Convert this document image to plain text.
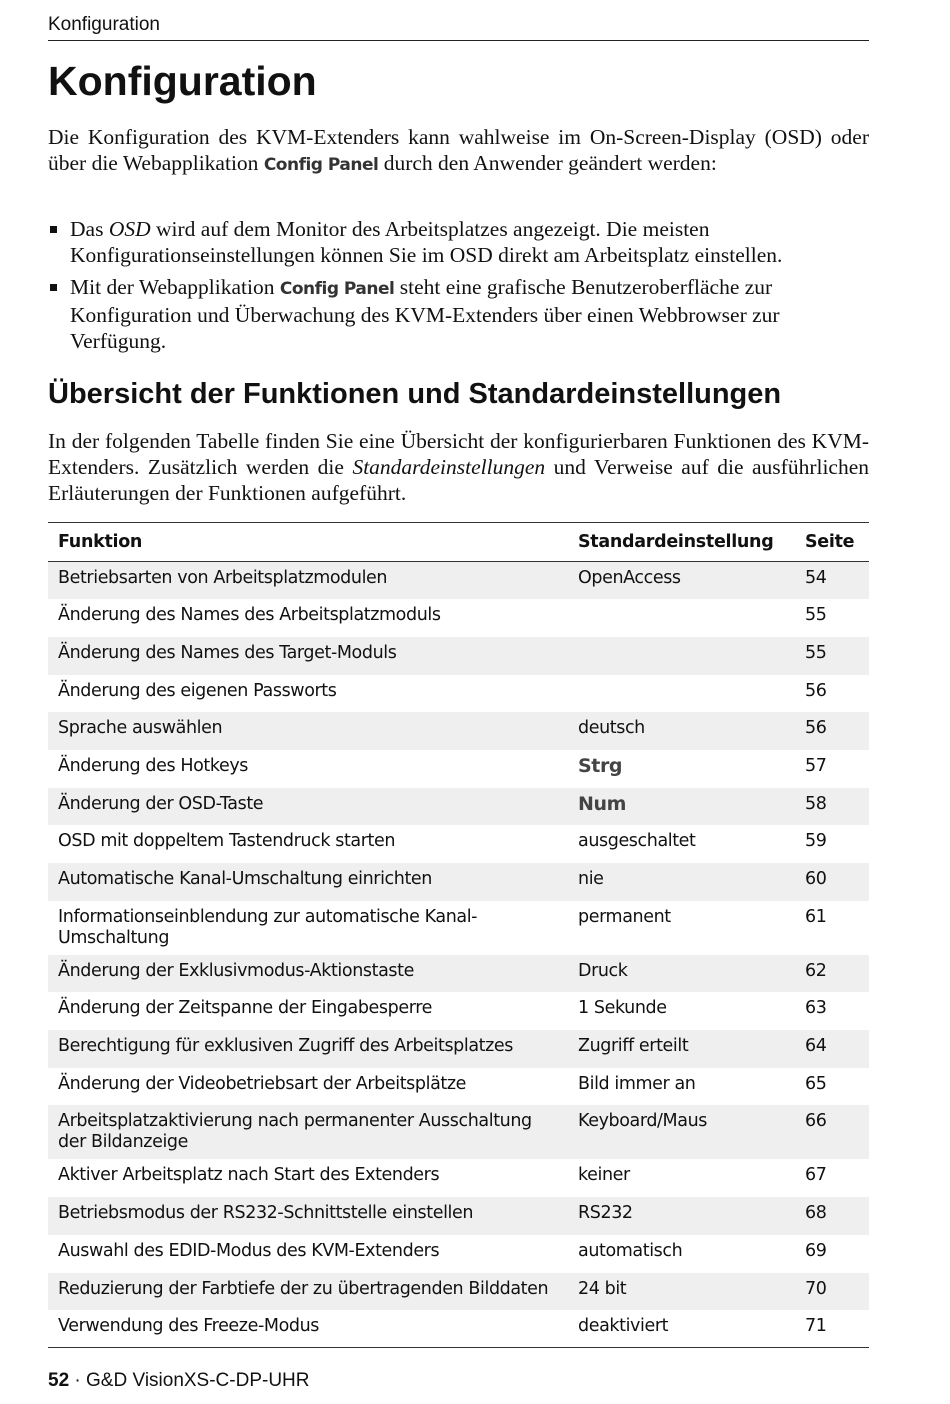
Konfiguration
Konfiguration

Die Konfiguration des KVM-Extenders kann wahlweise im On-Screen-Display (OSD) oder über die Webapplikation Config Panel durch den Anwender geändert werden:

Das OSD wird auf dem Monitor des Arbeitsplatzes angezeigt. Die meisten Konfigurationseinstellungen können Sie im OSD direkt am Arbeitsplatz einstellen.
Mit der Webapplikation Config Panel steht eine grafische Benutzeroberfläche zur Konfiguration und Überwachung des KVM-Extenders über einen Webbrowser zur Verfügung.
Übersicht der Funktionen und Standardeinstellungen

In der folgenden Tabelle finden Sie eine Übersicht der konfigurierbaren Funktionen des KVM-Extenders. Zusätzlich werden die Standardeinstellungen und Verweise auf die ausführlichen Erläuterungen der Funktionen aufgeführt.

Funktion	Standardeinstellung	Seite
Betriebsarten von Arbeitsplatzmodulen	OpenAccess	54
Änderung des Names des Arbeitsplatzmoduls		55
Änderung des Names des Target-Moduls		55
Änderung des eigenen Passworts		56
Sprache auswählen	deutsch	56
Änderung des Hotkeys	Strg	57
Änderung der OSD-Taste	Num	58
OSD mit doppeltem Tastendruck starten	ausgeschaltet	59
Automatische Kanal-Umschaltung einrichten	nie	60
Informationseinblendung zur automatische Kanal-Umschaltung	permanent	61
Änderung der Exklusivmodus-Aktionstaste	Druck	62
Änderung der Zeitspanne der Eingabesperre	1 Sekunde	63
Berechtigung für exklusiven Zugriff des Arbeitsplatzes	Zugriff erteilt	64
Änderung der Videobetriebsart der Arbeitsplätze	Bild immer an	65
Arbeitsplatzaktivierung nach permanenter Ausschaltung der Bildanzeige	Keyboard/Maus	66
Aktiver Arbeitsplatz nach Start des Extenders	keiner	67
Betriebsmodus der RS232-Schnittstelle einstellen	RS232	68
Auswahl des EDID-Modus des KVM-Extenders	automatisch	69
Reduzierung der Farbtiefe der zu übertragenden Bilddaten	24 bit	70
Verwendung des Freeze-Modus	deaktiviert	71
52 · G&D VisionXS-C-DP-UHR
